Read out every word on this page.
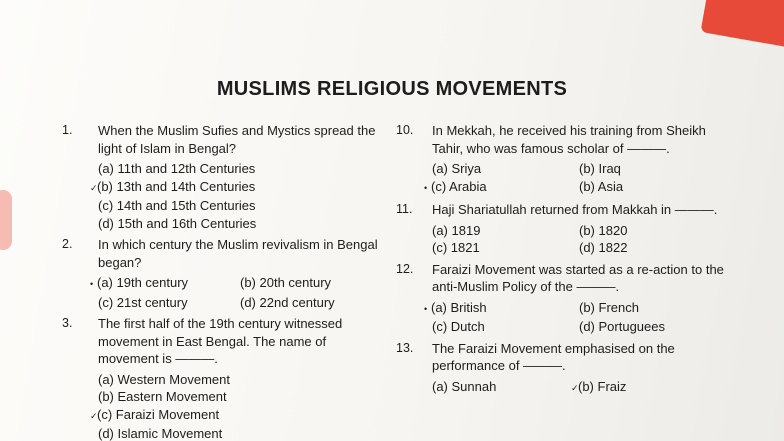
MUSLIMS RELIGIOUS MOVEMENTS
1.	When the Muslim Sufies and Mystics spread the light of Islam in Bengal?
(a) 11th and 12th Centuries
✓(b) 13th and 14th Centuries
(c) 14th and 15th Centuries
(d) 15th and 16th Centuries
2.	In which century the Muslim revivalism in Bengal began?
• (a) 19th century	(b) 20th century
(c) 21st century	(d) 22nd century
3.	The first half of the 19th century witnessed movement in East Bengal. The name of movement is ———.
(a) Western Movement
(b) Eastern Movement
✓(c) Faraizi Movement
(d) Islamic Movement
10.	In Mekkah, he received his training from Sheikh Tahir, who was famous scholar of ———.
(a) Sriya	(b) Iraq
• (c) Arabia	(b) Asia
11.	Haji Shariatullah returned from Makkah in ———.
(a) 1819	(b) 1820
(c) 1821	(d) 1822
12.	Faraizi Movement was started as a re-action to the anti-Muslim Policy of the ———.
• (a) British	(b) French
(c) Dutch	(d) Portuguees
13.	The Faraizi Movement emphasised on the performance of ———.
(a) Sunnah	✓(b) Fraiz
